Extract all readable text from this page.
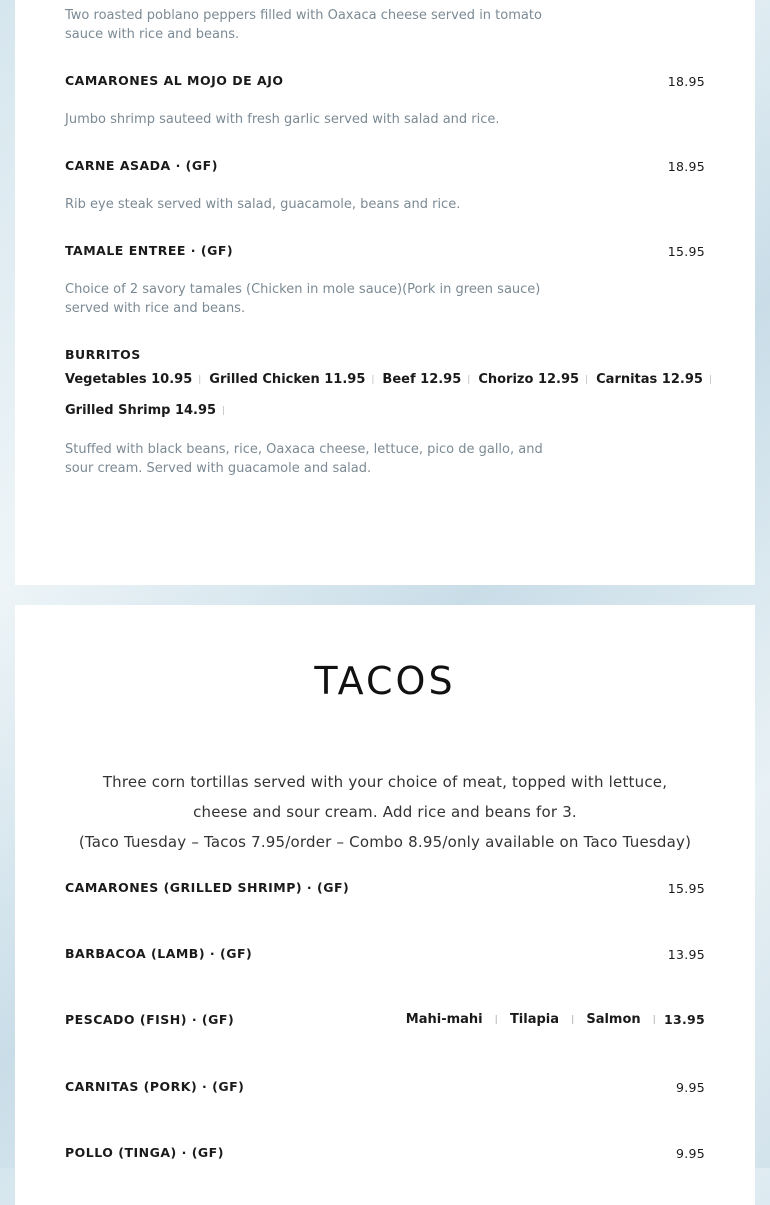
Two roasted poblano peppers filled with Oaxaca cheese served in tomato sauce with rice and beans.
CAMARONES AL MOJO DE AJO	18.95
Jumbo shrimp sauteed with fresh garlic served with salad and rice.
CARNE ASADA · (GF)	18.95
Rib eye steak served with salad, guacamole, beans and rice.
TAMALE ENTREE · (GF)	15.95
Choice of 2 savory tamales (Chicken in mole sauce)(Pork in green sauce) served with rice and beans.
BURRITOS
Vegetables 10.95 | Grilled Chicken 11.95 | Beef 12.95 | Chorizo 12.95 | Carnitas 12.95 |
Grilled Shrimp 14.95 |
Stuffed with black beans, rice, Oaxaca cheese, lettuce, pico de gallo, and sour cream. Served with guacamole and salad.
TACOS
Three corn tortillas served with your choice of meat, topped with lettuce, cheese and sour cream. Add rice and beans for 3.
(Taco Tuesday – Tacos 7.95/order – Combo 8.95/only available on Taco Tuesday)
CAMARONES (GRILLED SHRIMP) · (GF)	15.95
BARBACOA (LAMB) · (GF)	13.95
PESCADO (FISH) · (GF)	Mahi-mahi | Tilapia | Salmon | 13.95
CARNITAS (PORK) · (GF)	9.95
POLLO (TINGA) · (GF)	9.95
